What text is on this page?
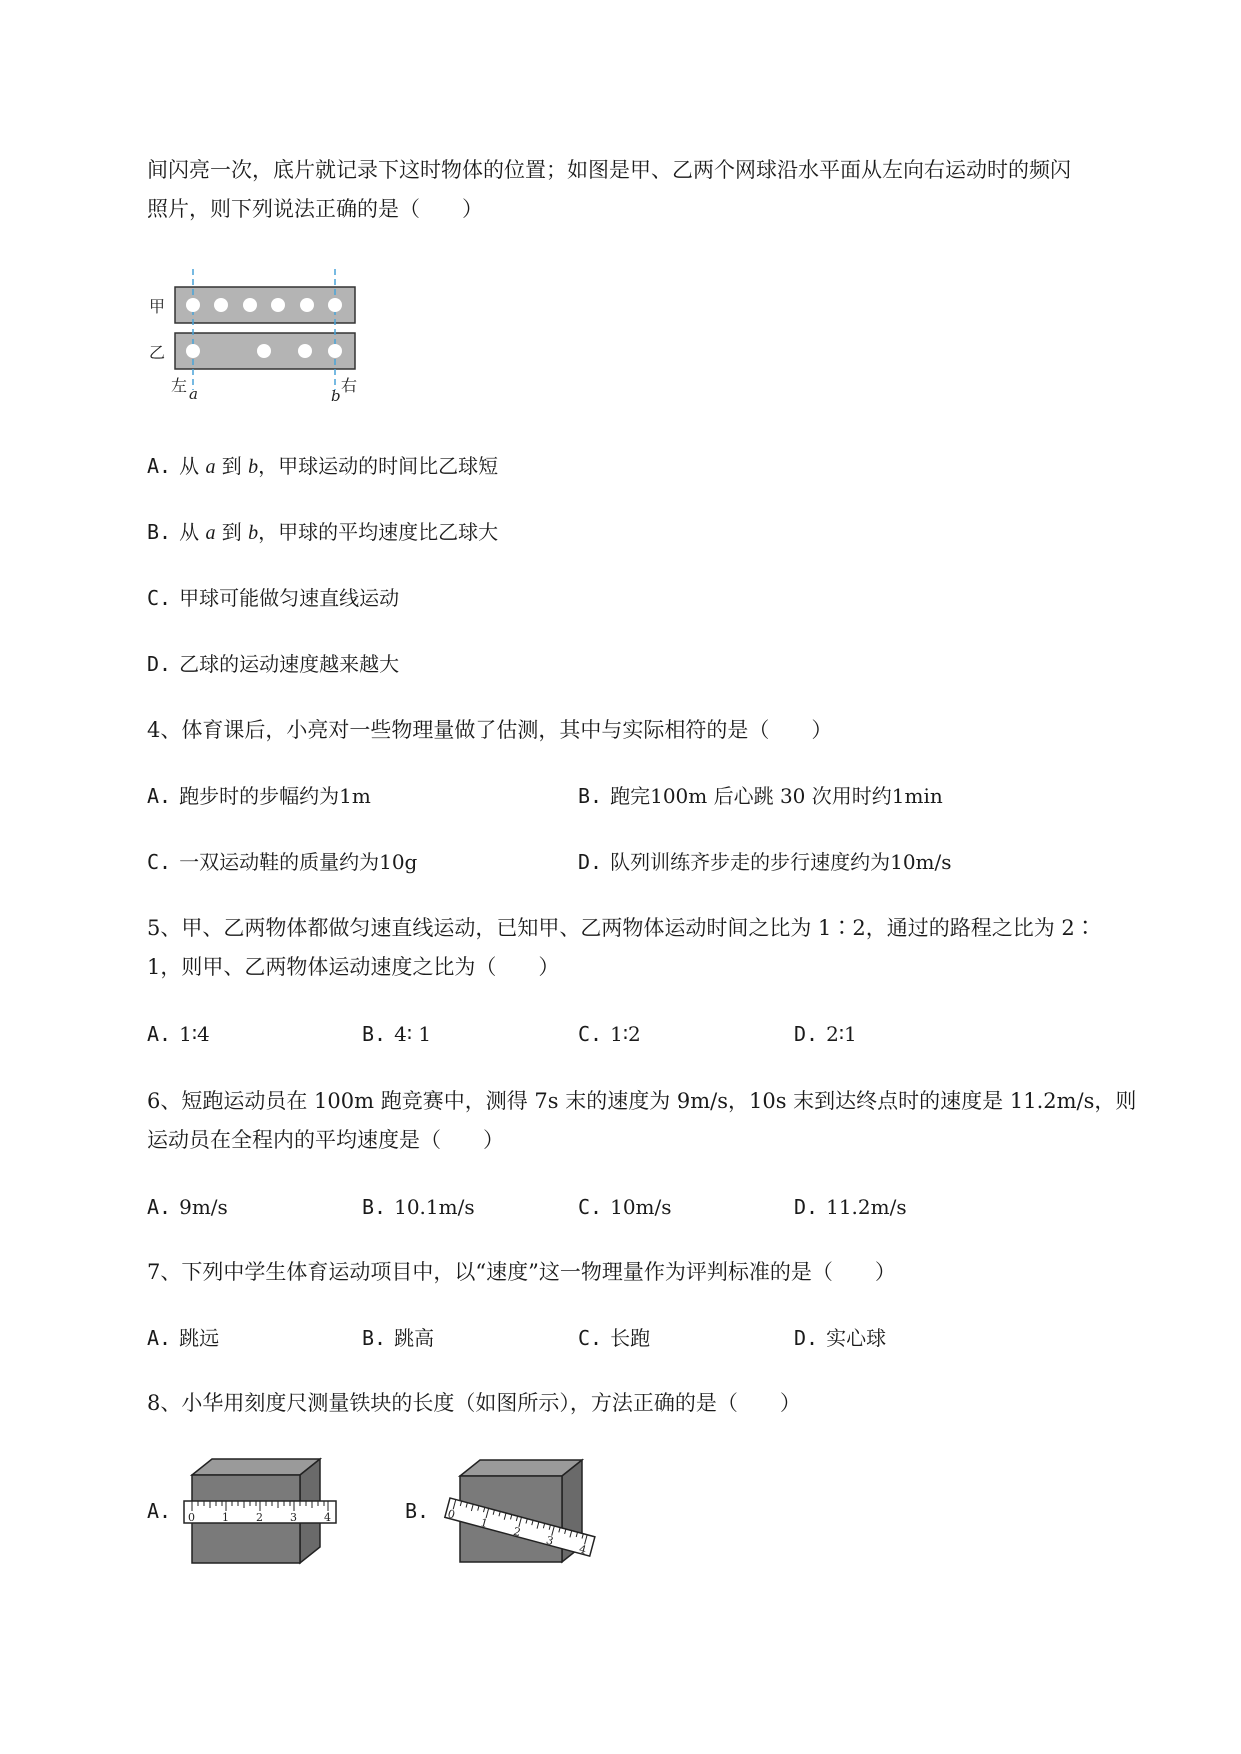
间闪亮一次，底片就记录下这时物体的位置；如图是甲、乙两个网球沿水平面从左向右运动时的频闪
照片，则下列说法正确的是（　　）
甲
乙
左 a	b
右
A. 从 a 到 b，甲球运动的时间比乙球短
B. 从 a 到 b，甲球的平均速度比乙球大
C. 甲球可能做匀速直线运动
D. 乙球的运动速度越来越大
4、体育课后，小亮对一些物理量做了估测，其中与实际相符的是（　　）
A. 跑步时的步幅约为1m	B. 跑完100m 后心跳 30 次用时约1min
C. 一双运动鞋的质量约为10g	D. 队列训练齐步走的步行速度约为10m/s
5、甲、乙两物体都做匀速直线运动，已知甲、乙两物体运动时间之比为 1∶2，通过的路程之比为 2∶
1，则甲、乙两物体运动速度之比为（　　）
A. 1∶4	B. 4∶ 1	C. 1∶2	D. 2∶1
6、短跑运动员在 100m 跑竞赛中，测得 7s 末的速度为 9m/s，10s 末到达终点时的速度是 11.2m/s，则
运动员在全程内的平均速度是（　　）
A. 9m/s	B. 10.1m/s	C. 10m/s	D. 11.2m/s
7、下列中学生体育运动项目中，以“速度”这一物理量作为评判标准的是（　　）
A. 跳远	B. 跳高	C. 长跑	D. 实心球
8、小华用刻度尺测量铁块的长度（如图所示），方法正确的是（　　）
A.	0 1 2 3 4	B.	0
1
2
3
4
